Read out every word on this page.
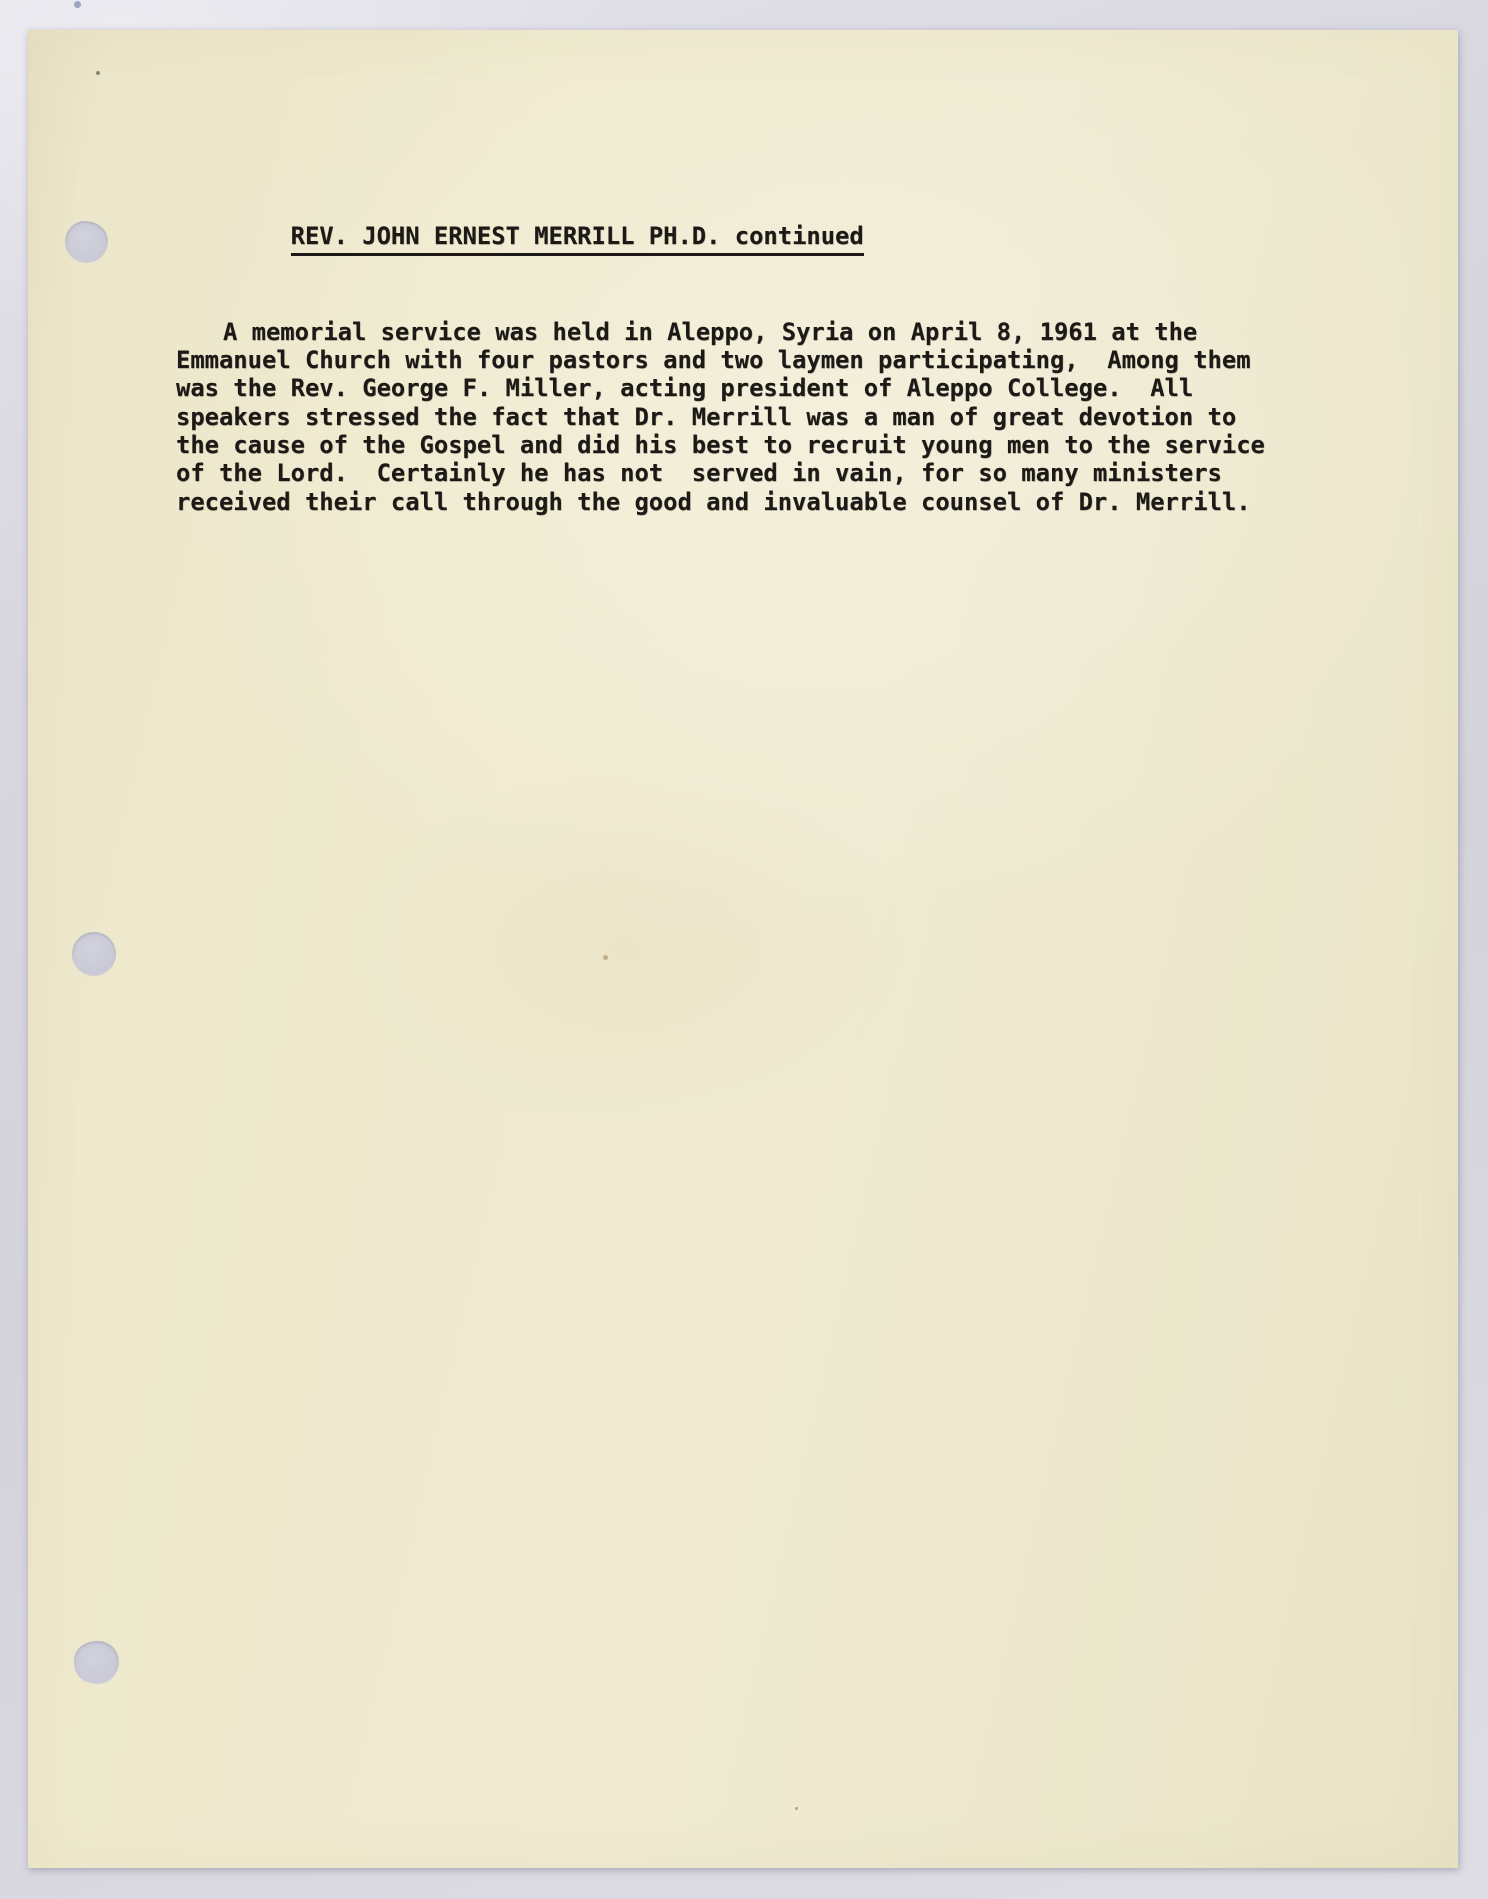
REV. JOHN ERNEST MERRILL PH.D. continued

A memorial service was held in Aleppo, Syria on April 8, 1961 at the
Emmanuel Church with four pastors and two laymen participating,  Among them
was the Rev. George F. Miller, acting president of Aleppo College.  All
speakers stressed the fact that Dr. Merrill was a man of great devotion to
the cause of the Gospel and did his best to recruit young men to the service
of the Lord.  Certainly he has not  served in vain, for so many ministers
received their call through the good and invaluable counsel of Dr. Merrill.
